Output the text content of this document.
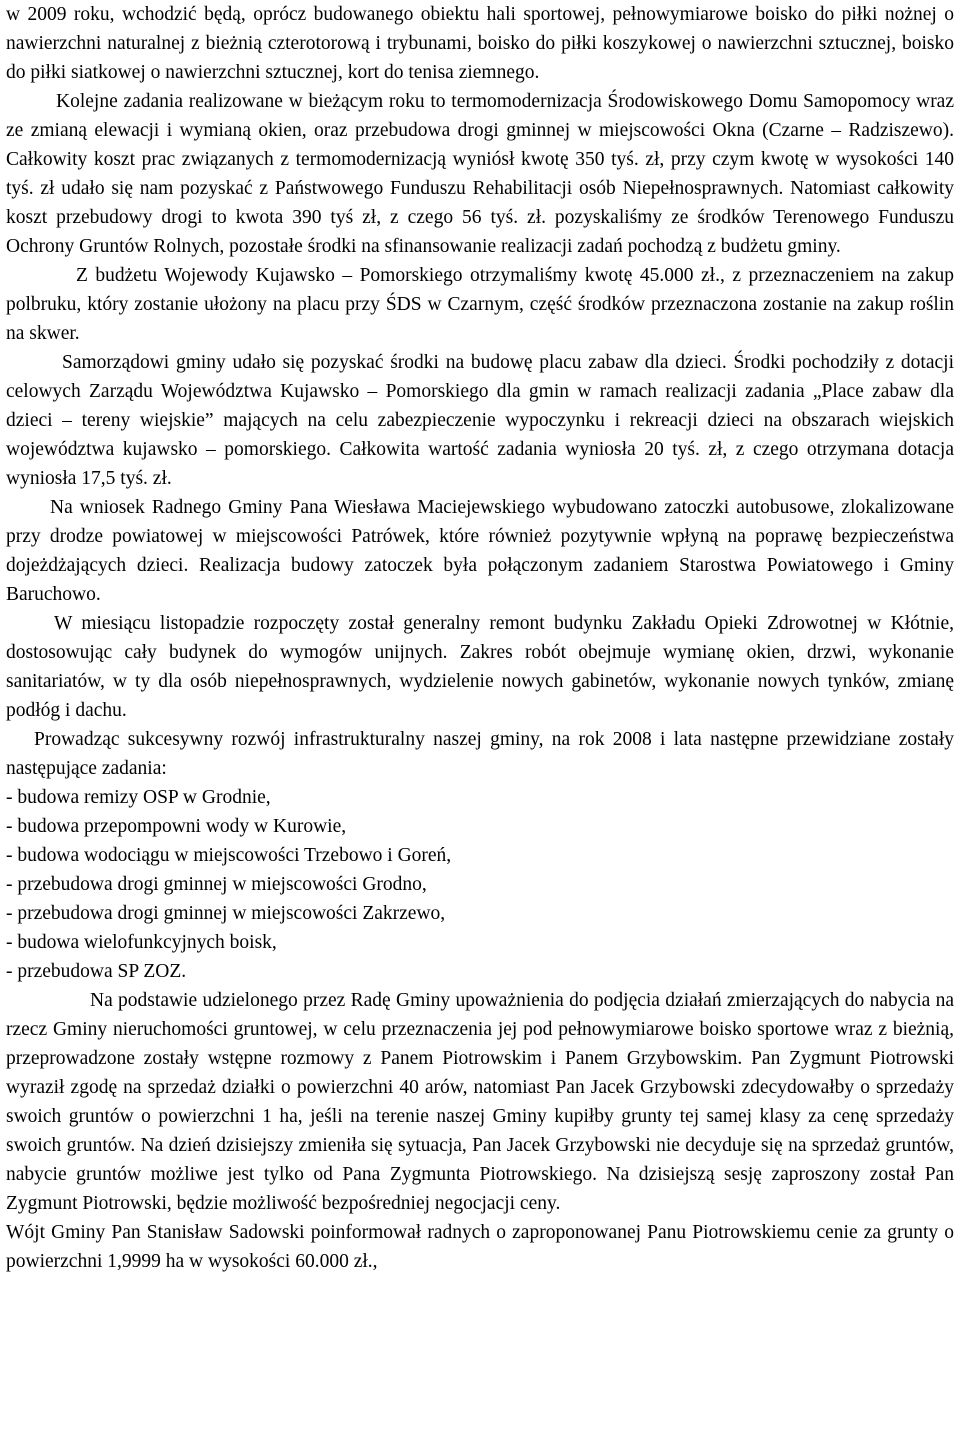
w 2009 roku, wchodzić będą, oprócz budowanego obiektu hali sportowej, pełnowymiarowe boisko do piłki nożnej o nawierzchni naturalnej z bieżnią czterotorową i trybunami, boisko do piłki koszykowej o nawierzchni sztucznej, boisko do piłki siatkowej o nawierzchni sztucznej, kort do tenisa ziemnego.

Kolejne zadania realizowane w bieżącym roku to termomodernizacja Środowiskowego Domu Samopomocy wraz ze zmianą elewacji i wymianą okien, oraz przebudowa drogi gminnej w miejscowości Okna (Czarne – Radziszewo). Całkowity koszt prac związanych z termomodernizacją wyniósł kwotę 350 tyś. zł, przy czym kwotę w wysokości 140 tyś. zł udało się nam pozyskać z Państwowego Funduszu Rehabilitacji osób Niepełnosprawnych. Natomiast całkowity koszt przebudowy drogi to kwota 390 tyś zł, z czego 56 tyś. zł. pozyskaliśmy ze środków Terenowego Funduszu Ochrony Gruntów Rolnych, pozostałe środki na sfinansowanie realizacji zadań pochodzą z budżetu gminy.

Z budżetu Wojewody Kujawsko – Pomorskiego otrzymaliśmy kwotę 45.000 zł., z przeznaczeniem na zakup polbruku, który zostanie ułożony na placu przy ŚDS w Czarnym, część środków przeznaczona zostanie na zakup roślin na skwer.

Samorządowi gminy udało się pozyskać środki na budowę placu zabaw dla dzieci. Środki pochodziły z dotacji celowych Zarządu Województwa Kujawsko – Pomorskiego dla gmin w ramach realizacji zadania „Place zabaw dla dzieci – tereny wiejskie” mających na celu zabezpieczenie wypoczynku i rekreacji dzieci na obszarach wiejskich województwa kujawsko – pomorskiego. Całkowita wartość zadania wyniosła 20 tyś. zł, z czego otrzymana dotacja wyniosła 17,5 tyś. zł.

Na wniosek Radnego Gminy Pana Wiesława Maciejewskiego wybudowano zatoczki autobusowe, zlokalizowane przy drodze powiatowej w miejscowości Patrówek, które również pozytywnie wpłyną na poprawę bezpieczeństwa dojeżdżających dzieci. Realizacja budowy zatoczek była połączonym zadaniem Starostwa Powiatowego i Gminy Baruchowo.

W miesiącu listopadzie rozpoczęty został generalny remont budynku Zakładu Opieki Zdrowotnej w Kłótnie, dostosowując cały budynek do wymogów unijnych. Zakres robót obejmuje wymianę okien, drzwi, wykonanie sanitariatów, w ty dla osób niepełnosprawnych, wydzielenie nowych gabinetów, wykonanie nowych tynków, zmianę podłóg i dachu.

Prowadząc sukcesywny rozwój infrastrukturalny naszej gminy, na rok 2008 i lata następne przewidziane zostały następujące zadania:

- budowa remizy OSP w Grodnie,
- budowa przepompowni wody w Kurowie,
- budowa wodociągu w miejscowości Trzebowo i Goreń,
- przebudowa drogi gminnej w miejscowości Grodno,
- przebudowa drogi gminnej w miejscowości Zakrzewo,
- budowa wielofunkcyjnych boisk,
- przebudowa SP ZOZ.

Na podstawie udzielonego przez Radę Gminy upoważnienia do podjęcia działań zmierzających do nabycia na rzecz Gminy nieruchomości gruntowej, w celu przeznaczenia jej pod pełnowymiarowe boisko sportowe wraz z bieżnią, przeprowadzone zostały wstępne rozmowy z Panem Piotrowskim i Panem Grzybowskim. Pan Zygmunt Piotrowski wyraził zgodę na sprzedaż działki o powierzchni 40 arów, natomiast Pan Jacek Grzybowski zdecydowałby o sprzedaży swoich gruntów o powierzchni 1 ha, jeśli na terenie naszej Gminy kupiłby grunty tej samej klasy za cenę sprzedaży swoich gruntów. Na dzień dzisiejszy zmieniła się sytuacja, Pan Jacek Grzybowski nie decyduje się na sprzedaż gruntów, nabycie gruntów możliwe jest tylko od Pana Zygmunta Piotrowskiego. Na dzisiejszą sesję zaproszony został Pan Zygmunt Piotrowski, będzie możliwość bezpośredniej negocjacji ceny.

Wójt Gminy Pan Stanisław Sadowski poinformował radnych o zaproponowanej Panu Piotrowskiemu cenie za grunty o powierzchni 1,9999 ha w wysokości 60.000 zł.,
